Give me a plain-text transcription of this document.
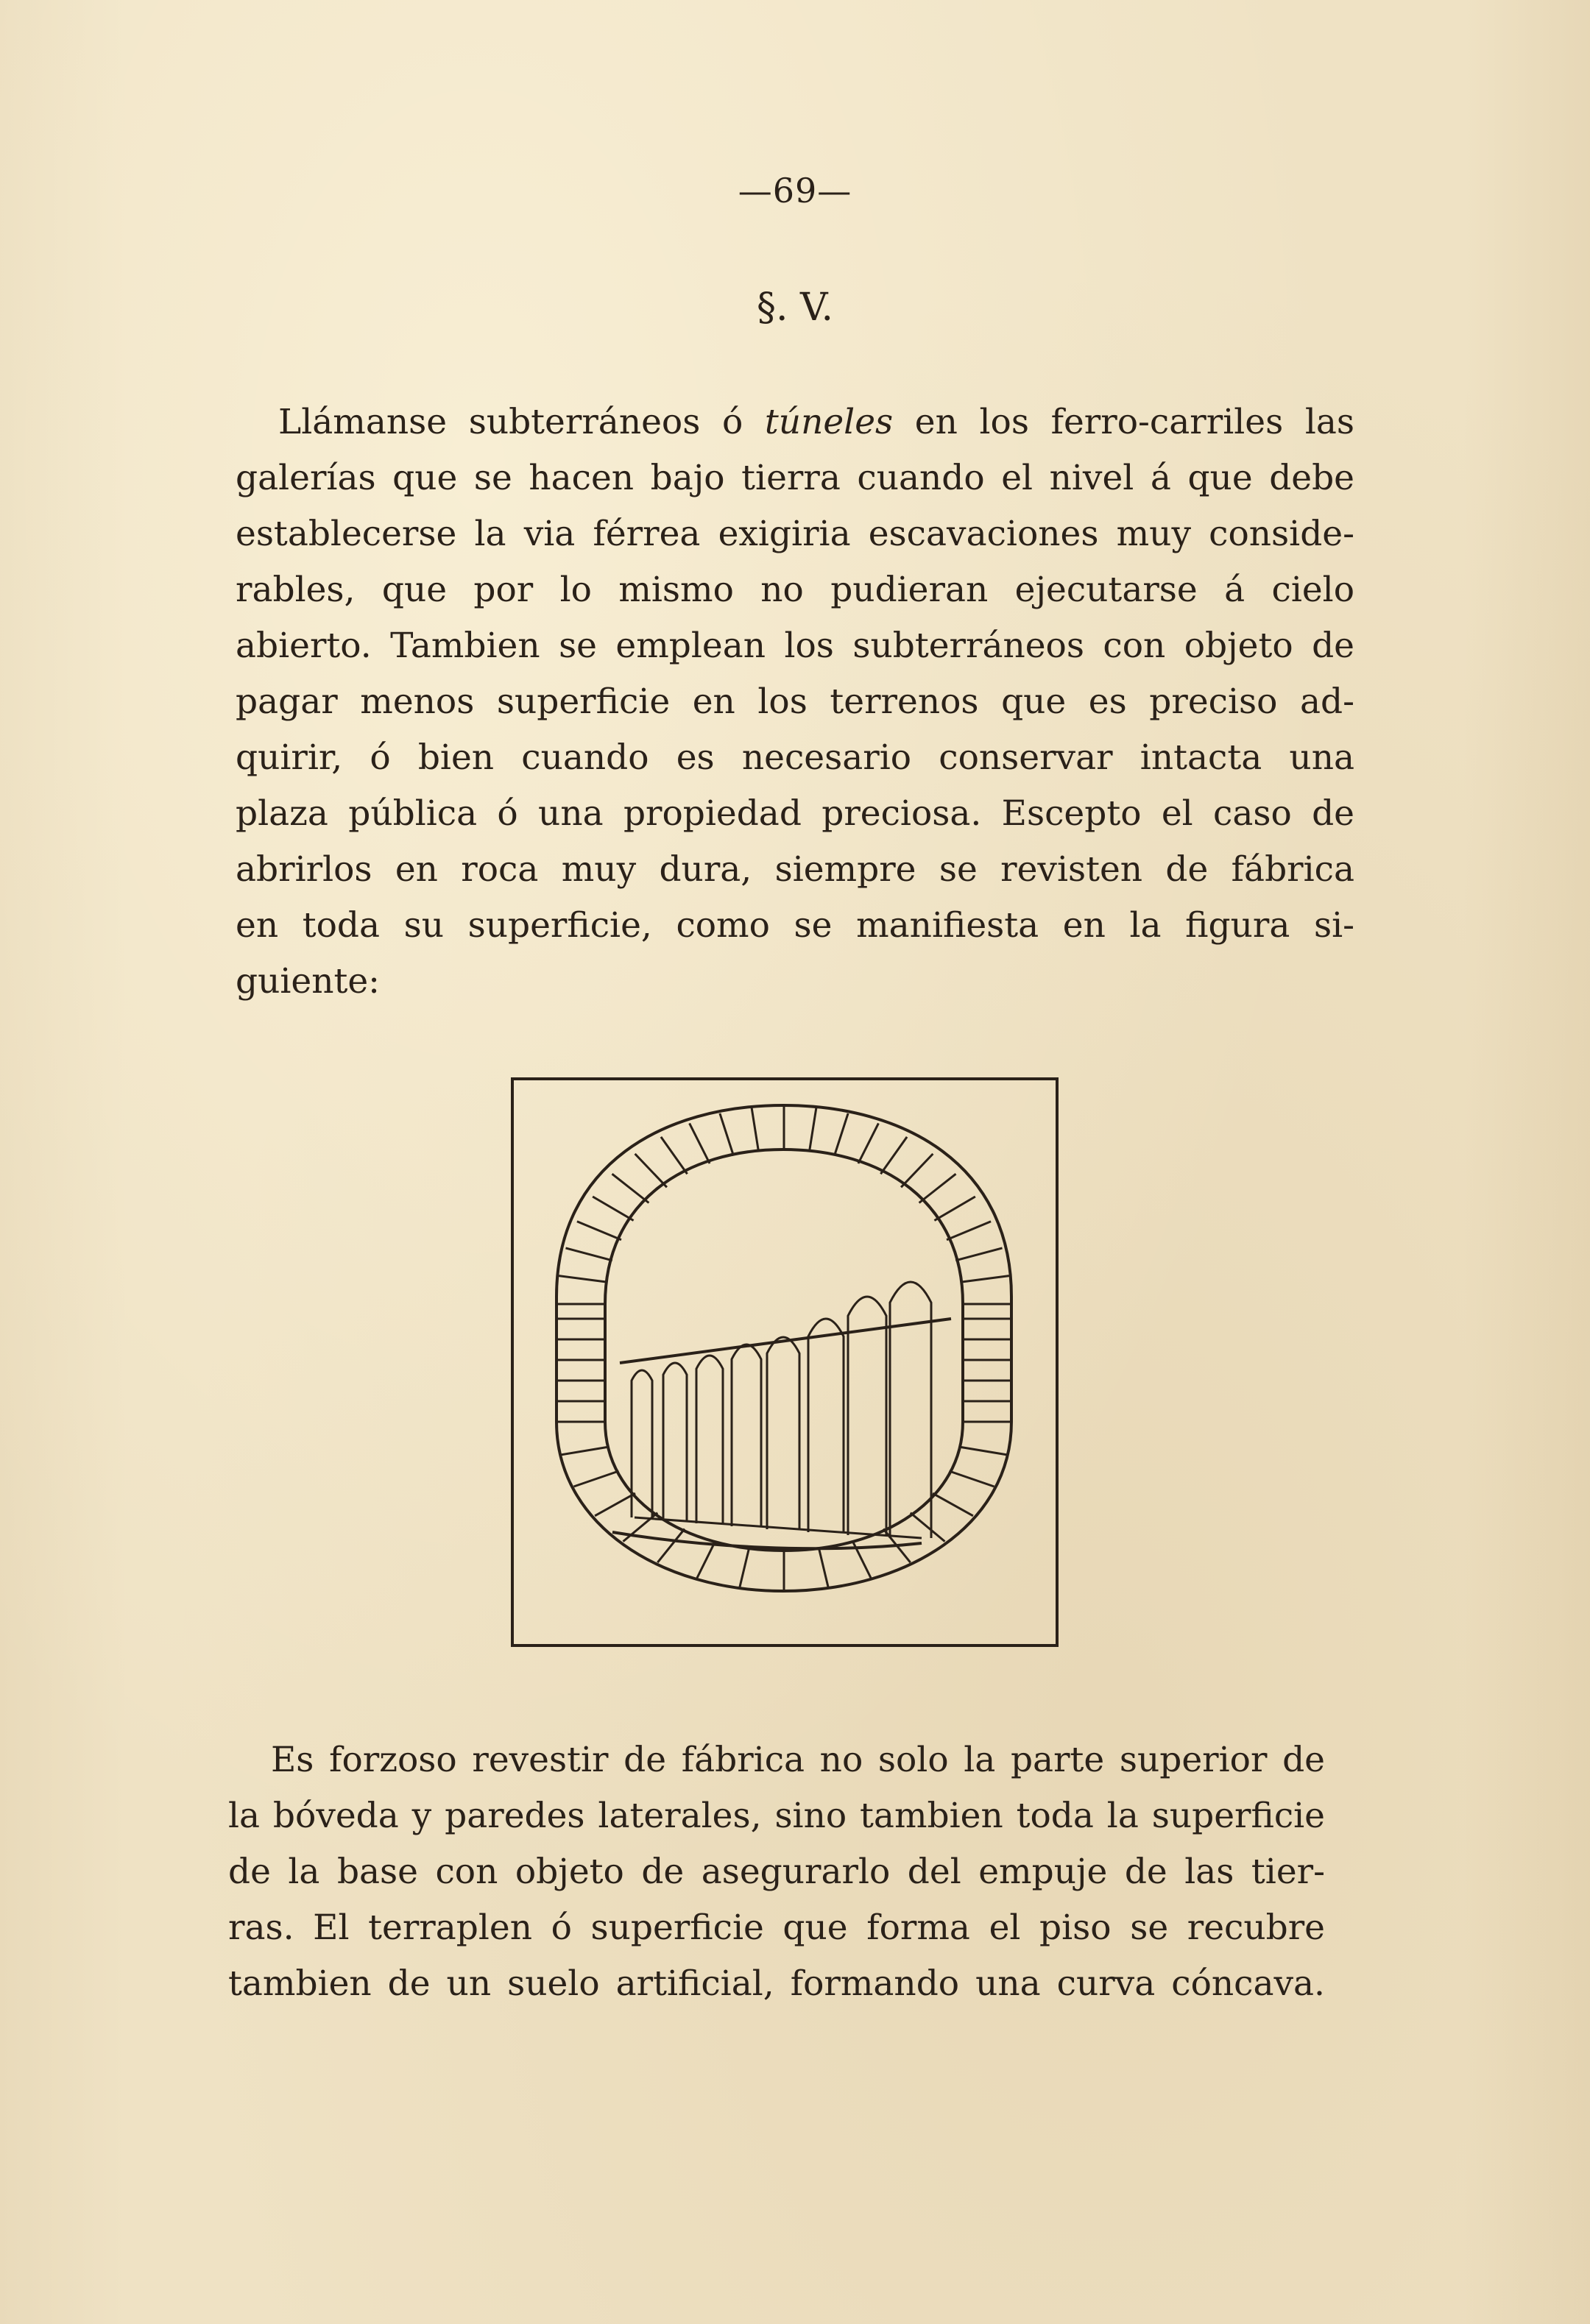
—69—
§. V.
Llámanse subterráneos ó túneles en los ferro-carriles las
galerías que se hacen bajo tierra cuando el nivel á que debe
establecerse la via férrea exigiria escavaciones muy conside-
rables, que por lo mismo no pudieran ejecutarse á cielo
abierto. Tambien se emplean los subterráneos con objeto de
pagar menos superficie en los terrenos que es preciso ad-
quirir, ó bien cuando es necesario conservar intacta una
plaza pública ó una propiedad preciosa. Escepto el caso de
abrirlos en roca muy dura, siempre se revisten de fábrica
en toda su superficie, como se manifiesta en la figura si-
guiente:
Es forzoso revestir de fábrica no solo la parte superior de
la bóveda y paredes laterales, sino tambien toda la superficie
de la base con objeto de asegurarlo del empuje de las tier-
ras. El terraplen ó superficie que forma el piso se recubre
tambien de un suelo artificial, formando una curva cóncava.
